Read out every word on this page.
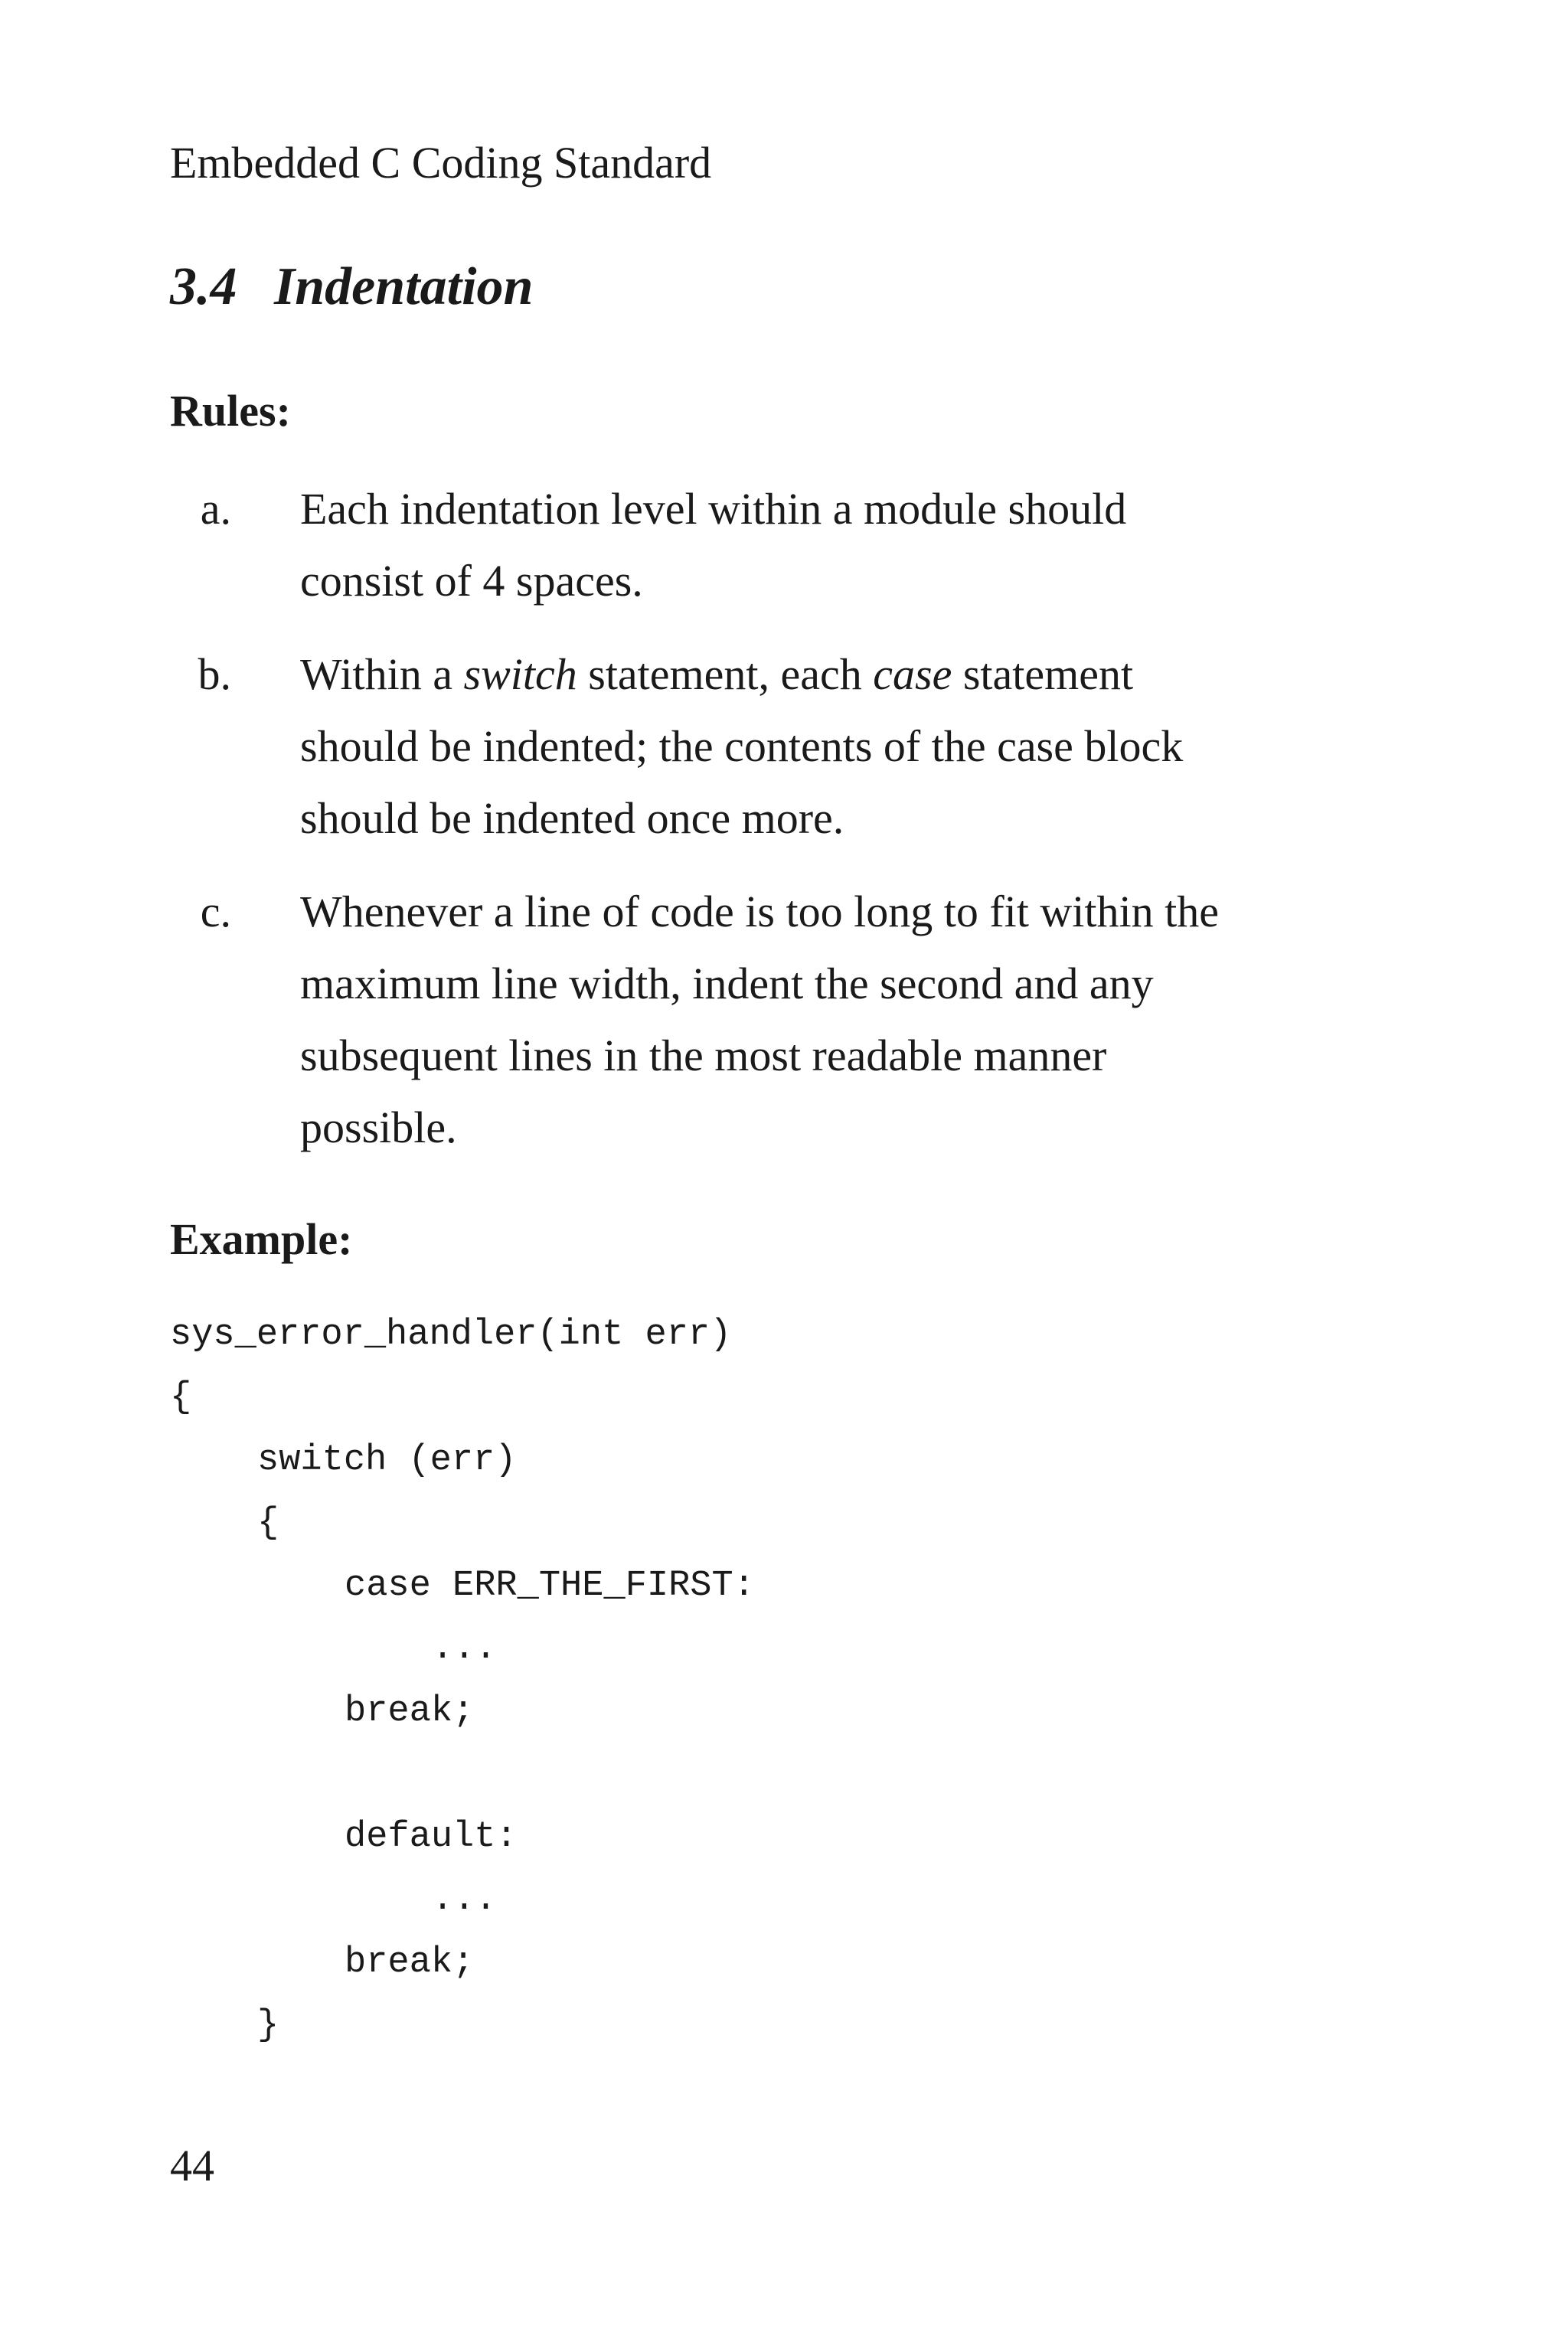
Embedded C Coding Standard
3.4 Indentation
Rules:
a. Each indentation level within a module should
consist of 4 spaces.
b. Within a switch statement, each case statement
should be indented; the contents of the case block
should be indented once more.
c. Whenever a line of code is too long to fit within the
maximum line width, indent the second and any
subsequent lines in the most readable manner
possible.
Example:
sys_error_handler(int err)
{
switch (err)
{
case ERR_THE_FIRST:
...
break;
default:
...
break;
}
44
